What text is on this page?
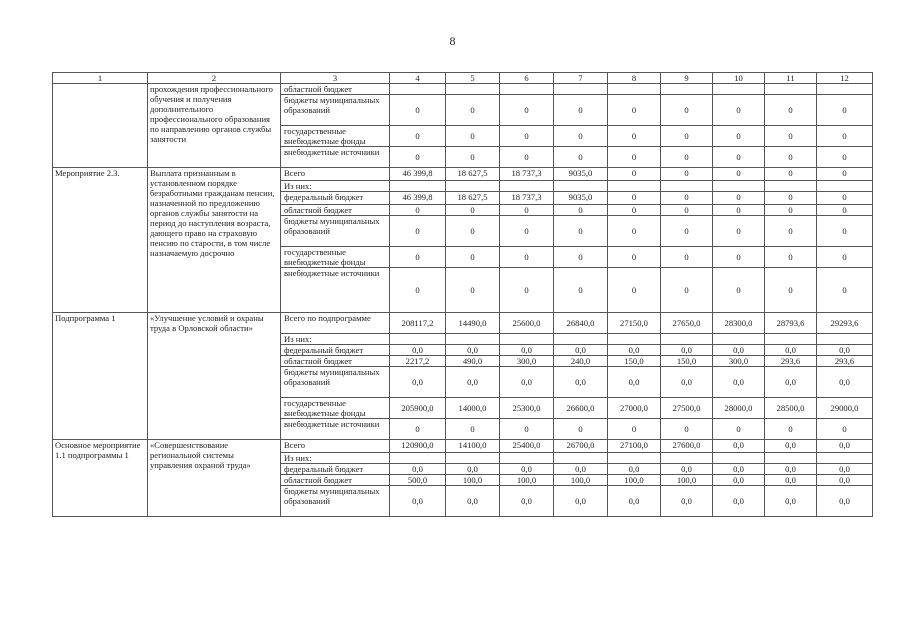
8
1	2	3	4	5	6	7	8	9	10	11	12
	прохождения профессионального обучения и получения дополнительного профессионального образования по направлению органов службы занятости	областной бюджет									
		бюджеты муниципальных образований	0	0	0	0	0	0	0	0	0
		государственные внебюджетные фонды	0	0	0	0	0	0	0	0	0
		внебюджетные источники	0	0	0	0	0	0	0	0	0
Мероприятие 2.3.	Выплата признанным в установленном порядке безработными гражданам пенсии, назначенной по предложению органов службы занятости на период до наступления возраста, дающего право на страховую пенсию по старости, в том числе назначаемую досрочно	Всего	46 399,8	18 627,5	18 737,3	9035,0	0	0	0	0	0
		Из них:									
		федеральный бюджет	46 399,8	18 627,5	18 737,3	9035,0	0	0	0	0	0
		областной бюджет	0	0	0	0	0	0	0	0	0
		бюджеты муниципальных образований	0	0	0	0	0	0	0	0	0
		государственные внебюджетные фонды	0	0	0	0	0	0	0	0	0
		внебюджетные источники	0	0	0	0	0	0	0	0	0
Подпрограмма 1	«Улучшение условий и охраны труда в Орловской области»	Всего по подпрограмме	208117,2	14490,0	25600,0	26840,0	27150,0	27650,0	28300,0	28793,6	29293,6
		Из них:									
		федеральный бюджет	0,0	0,0	0,0	0,0	0,0	0,0	0,0	0,0	0,0
		областной бюджет	2217,2	490,0	300,0	240,0	150,0	150,0	300,0	293,6	293,6
		бюджеты муниципальных образований	0,0	0,0	0,0	0,0	0,0	0,0	0,0	0,0	0,0
		государственные внебюджетные фонды	205900,0	14000,0	25300,0	26600,0	27000,0	27500,0	28000,0	28500,0	29000,0
		внебюджетные источники	0	0	0	0	0	0	0	0	0
Основное мероприятие 1.1 подпрограммы 1	«Совершенствование региональной системы управления охраной труда»	Всего	120900,0	14100,0	25400,0	26700,0	27100,0	27600,0	0,0	0,0	0,0
		Из них:									
		федеральный бюджет	0,0	0,0	0,0	0,0	0,0	0,0	0,0	0,0	0,0
		областной бюджет	500,0	100,0	100,0	100,0	100,0	100,0	0,0	0,0	0,0
		бюджеты муниципальных образований	0,0	0,0	0,0	0,0	0,0	0,0	0,0	0,0	0,0
